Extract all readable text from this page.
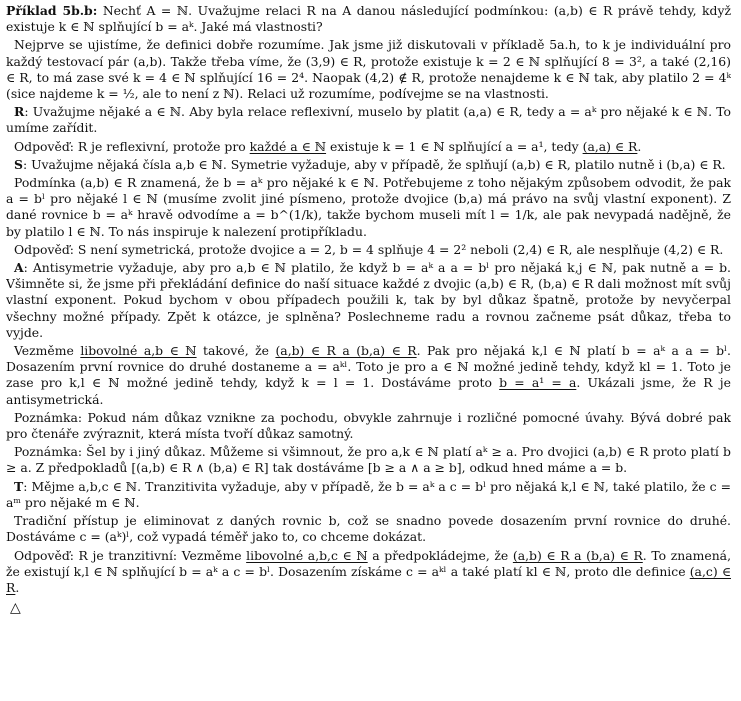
Příklad 5b.b: Nechť A = ℕ. Uvažujme relaci R na A danou následující podmínkou: (a,b) ∈ R právě tehdy, když existuje k ∈ ℕ splňující b = aᵏ. Jaké má vlastnosti?

Nejprve se ujistíme, že definici dobře rozumíme. Jak jsme již diskutovali v příkladě 5a.h, to k je individuální pro každý testovací pár (a,b). Takže třeba víme, že (3,9) ∈ R, protože existuje k = 2 ∈ ℕ splňující 8 = 3², a také (2,16) ∈ R, to má zase své k = 4 ∈ ℕ splňující 16 = 2⁴. Naopak (4,2) ∉ R, protože nenajdeme k ∈ ℕ tak, aby platilo 2 = 4ᵏ (sice najdeme k = ½, ale to není z ℕ). Relaci už rozumíme, podívejme se na vlastnosti.

R: Uvažujme nějaké a ∈ ℕ. Aby byla relace reflexivní, muselo by platit (a,a) ∈ R, tedy a = aᵏ pro nějaké k ∈ ℕ. To umíme zařídit.

Odpověď: R je reflexivní, protože pro každé a ∈ ℕ existuje k = 1 ∈ ℕ splňující a = a¹, tedy (a,a) ∈ R.

S: Uvažujme nějaká čísla a,b ∈ ℕ. Symetrie vyžaduje, aby v případě, že splňují (a,b) ∈ R, platilo nutně i (b,a) ∈ R.

Podmínka (a,b) ∈ R znamená, že b = aᵏ pro nějaké k ∈ ℕ. Potřebujeme z toho nějakým způsobem odvodit, že pak a = bˡ pro nějaké l ∈ ℕ (musíme zvolit jiné písmeno, protože dvojice (b,a) má právo na svůj vlastní exponent). Z dané rovnice b = aᵏ hravě odvodíme a = b^(1/k), takže bychom museli mít l = 1/k, ale pak nevypadá nadějně, že by platilo l ∈ ℕ. To nás inspiruje k nalezení protipříkladu.

Odpověď: S není symetrická, protože dvojice a = 2, b = 4 splňuje 4 = 2² neboli (2,4) ∈ R, ale nesplňuje (4,2) ∈ R.

A: Antisymetrie vyžaduje, aby pro a,b ∈ ℕ platilo, že když b = aᵏ a a = bˡ pro nějaká k,j ∈ ℕ, pak nutně a = b. Všimněte si, že jsme při překládání definice do naší situace každé z dvojic (a,b) ∈ R, (b,a) ∈ R dali možnost mít svůj vlastní exponent. Pokud bychom v obou případech použili k, tak by byl důkaz špatně, protože by nevyčerpal všechny možné případy. Zpět k otázce, je splněna? Poslechneme radu a rovnou začneme psát důkaz, třeba to vyjde.

Vezměme libovolné a,b ∈ ℕ takové, že (a,b) ∈ R a (b,a) ∈ R. Pak pro nějaká k,l ∈ ℕ platí b = aᵏ a a = bˡ. Dosazením první rovnice do druhé dostaneme a = aᵏˡ. Toto je pro a ∈ ℕ možné jedině tehdy, když kl = 1. Toto je zase pro k,l ∈ ℕ možné jedině tehdy, když k = l = 1. Dostáváme proto b = a¹ = a. Ukázali jsme, že R je antisymetrická.

Poznámka: Pokud nám důkaz vznikne za pochodu, obvykle zahrnuje i rozličné pomocné úvahy. Bývá dobré pak pro čtenáře zvýraznit, která místa tvoří důkaz samotný.

Poznámka: Šel by i jiný důkaz. Můžeme si všimnout, že pro a,k ∈ ℕ platí aᵏ ≥ a. Pro dvojici (a,b) ∈ R proto platí b ≥ a. Z předpokladů [(a,b) ∈ R ∧ (b,a) ∈ R] tak dostáváme [b ≥ a ∧ a ≥ b], odkud hned máme a = b.

T: Mějme a,b,c ∈ ℕ. Tranzitivita vyžaduje, aby v případě, že b = aᵏ a c = bˡ pro nějaká k,l ∈ ℕ, také platilo, že c = aᵐ pro nějaké m ∈ ℕ.

Tradiční přístup je eliminovat z daných rovnic b, což se snadno povede dosazením první rovnice do druhé. Dostáváme c = (aᵏ)ˡ, což vypadá téměř jako to, co chceme dokázat.

Odpověď: R je tranzitivní: Vezměme libovolné a,b,c ∈ ℕ a předpokládejme, že (a,b) ∈ R a (b,a) ∈ R. To znamená, že existují k,l ∈ ℕ splňující b = aᵏ a c = bˡ. Dosazením získáme c = aᵏˡ a také platí kl ∈ ℕ, proto dle definice (a,c) ∈ R.

△
